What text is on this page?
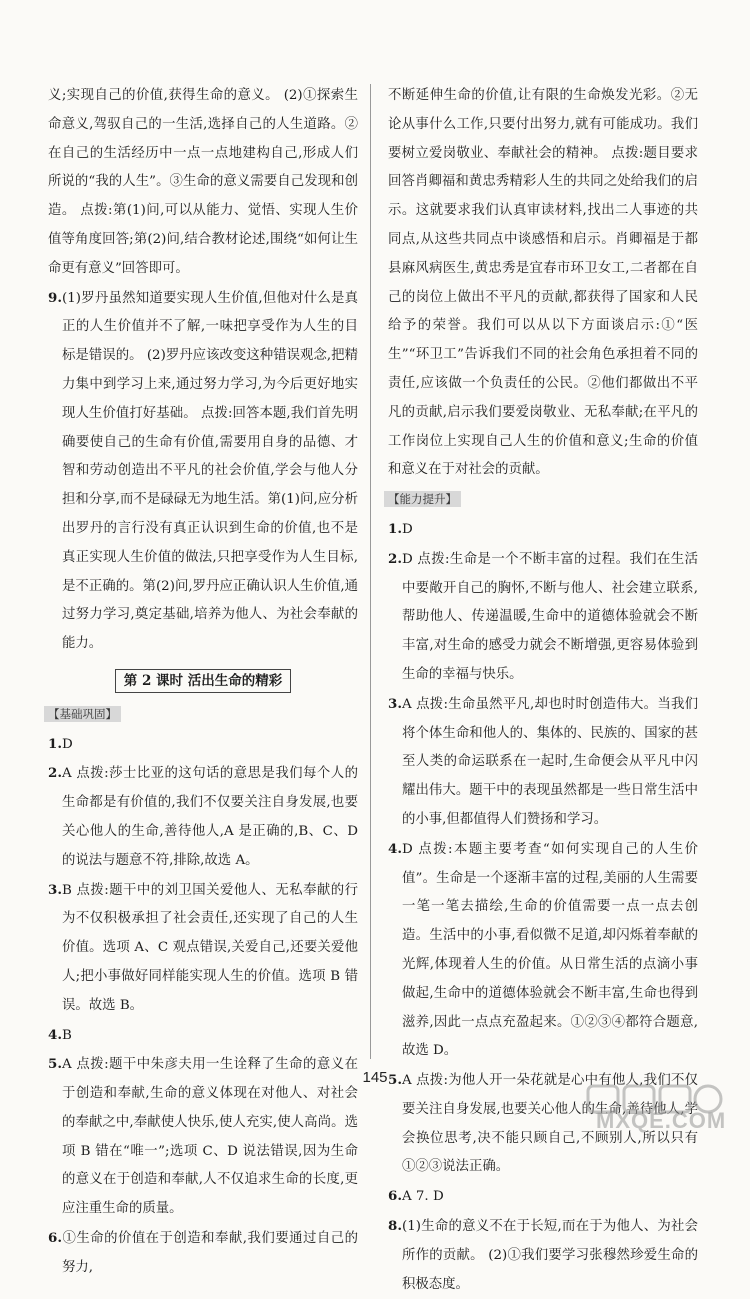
义;实现自己的价值,获得生命的意义。 (2)①探索生命意义,驾驭自己的一生活,选择自己的人生道路。②在自己的生活经历中一点一点地建构自己,形成人们所说的“我的人生”。③生命的意义需要自己发现和创造。 点拨:第(1)问,可以从能力、觉悟、实现人生价值等角度回答;第(2)问,结合教材论述,围绕“如何让生命更有意义”回答即可。

9.(1)罗丹虽然知道要实现人生价值,但他对什么是真正的人生价值并不了解,一味把享受作为人生的目标是错误的。 (2)罗丹应该改变这种错误观念,把精力集中到学习上来,通过努力学习,为今后更好地实现人生价值打好基础。 点拨:回答本题,我们首先明确要使自己的生命有价值,需要用自身的品德、才智和劳动创造出不平凡的社会价值,学会与他人分担和分享,而不是碌碌无为地生活。第(1)问,应分析出罗丹的言行没有真正认识到生命的价值,也不是真正实现人生价值的做法,只把享受作为人生目标,是不正确的。第(2)问,罗丹应正确认识人生价值,通过努力学习,奠定基础,培养为他人、为社会奉献的能力。

第 2 课时 活出生命的精彩
【基础巩固】

1.D

2.A 点拨:莎士比亚的这句话的意思是我们每个人的生命都是有价值的,我们不仅要关注自身发展,也要关心他人的生命,善待他人,A 是正确的,B、C、D 的说法与题意不符,排除,故选 A。

3.B 点拨:题干中的刘卫国关爱他人、无私奉献的行为不仅积极承担了社会责任,还实现了自己的人生价值。选项 A、C 观点错误,关爱自己,还要关爱他人;把小事做好同样能实现人生的价值。选项 B 错误。故选 B。

4.B

5.A 点拨:题干中朱彦夫用一生诠释了生命的意义在于创造和奉献,生命的意义体现在对他人、对社会的奉献之中,奉献使人快乐,使人充实,使人高尚。选项 B 错在“唯一”;选项 C、D 说法错误,因为生命的意义在于创造和奉献,人不仅追求生命的长度,更应注重生命的质量。

6.①生命的价值在于创造和奉献,我们要通过自己的努力,

不断延伸生命的价值,让有限的生命焕发光彩。②无论从事什么工作,只要付出努力,就有可能成功。我们要树立爱岗敬业、奉献社会的精神。 点拨:题目要求回答肖卿福和黄忠秀精彩人生的共同之处给我们的启示。这就要求我们认真审读材料,找出二人事迹的共同点,从这些共同点中谈感悟和启示。肖卿福是于都县麻风病医生,黄忠秀是宜春市环卫女工,二者都在自己的岗位上做出不平凡的贡献,都获得了国家和人民给予的荣誉。我们可以从以下方面谈启示:①“医生”“环卫工”告诉我们不同的社会角色承担着不同的责任,应该做一个负责任的公民。②他们都做出不平凡的贡献,启示我们要爱岗敬业、无私奉献;在平凡的工作岗位上实现自己人生的价值和意义;生命的价值和意义在于对社会的贡献。

【能力提升】

1.D

2.D 点拨:生命是一个不断丰富的过程。我们在生活中要敞开自己的胸怀,不断与他人、社会建立联系,帮助他人、传递温暖,生命中的道德体验就会不断丰富,对生命的感受力就会不断增强,更容易体验到生命的幸福与快乐。

3.A 点拨:生命虽然平凡,却也时时创造伟大。当我们将个体生命和他人的、集体的、民族的、国家的甚至人类的命运联系在一起时,生命便会从平凡中闪耀出伟大。题干中的表现虽然都是一些日常生活中的小事,但都值得人们赞扬和学习。

4.D 点拨:本题主要考查“如何实现自己的人生价值”。生命是一个逐渐丰富的过程,美丽的人生需要一笔一笔去描绘,生命的价值需要一点一点去创造。生活中的小事,看似微不足道,却闪烁着奉献的光辉,体现着人生的价值。从日常生活的点滴小事做起,生命中的道德体验就会不断丰富,生命也得到滋养,因此一点点充盈起来。①②③④都符合题意,故选 D。

5.A 点拨:为他人开一朵花就是心中有他人,我们不仅要关注自身发展,也要关心他人的生命,善待他人,学会换位思考,决不能只顾自己,不顾别人,所以只有①②③说法正确。

6.A 7. D

8.(1)生命的意义不在于长短,而在于为他人、为社会所作的贡献。 (2)①我们要学习张穆然珍爱生命的积极态度。

145
MXQE.COM
